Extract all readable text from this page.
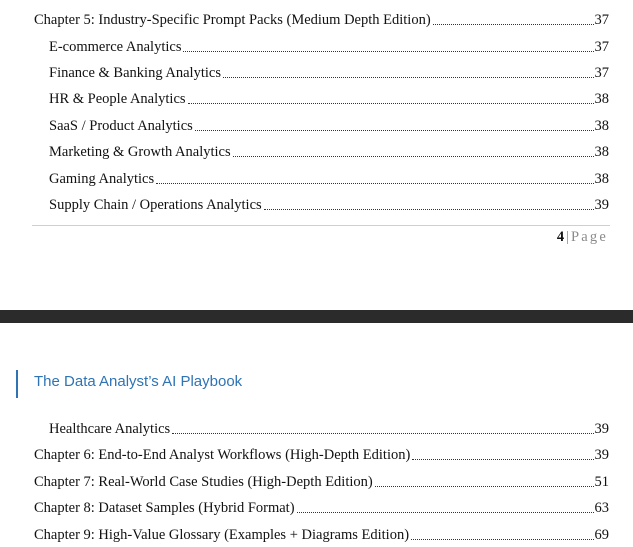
Chapter 5: Industry-Specific Prompt Packs (Medium Depth Edition)	37
E-commerce Analytics	37
Finance & Banking Analytics	37
HR & People Analytics	38
SaaS / Product Analytics	38
Marketing & Growth Analytics	38
Gaming Analytics	38
Supply Chain / Operations Analytics	39
4 | Page
The Data Analyst’s AI Playbook
Healthcare Analytics	39
Chapter 6: End-to-End Analyst Workflows (High-Depth Edition)	39
Chapter 7: Real-World Case Studies (High-Depth Edition)	51
Chapter 8: Dataset Samples (Hybrid Format)	63
Chapter 9: High-Value Glossary (Examples + Diagrams Edition)	69
